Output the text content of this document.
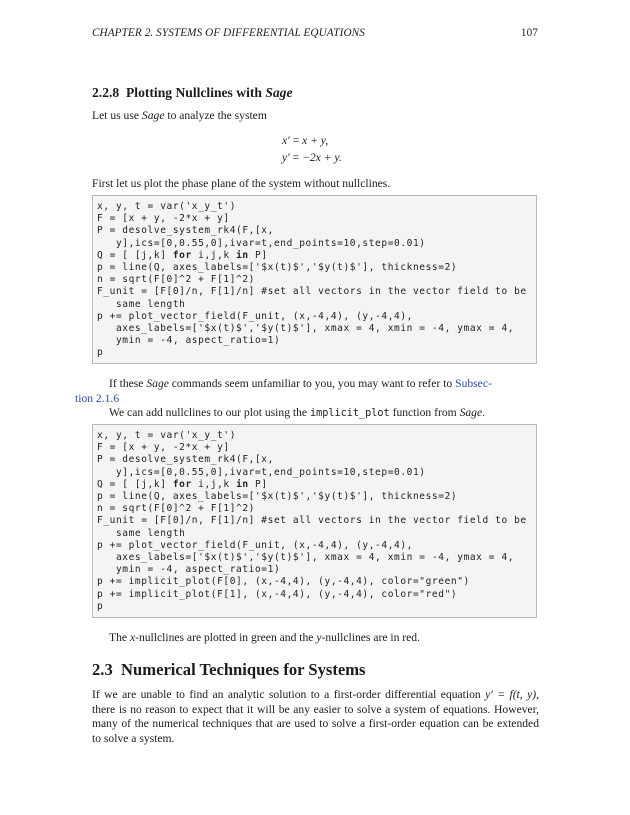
CHAPTER 2. SYSTEMS OF DIFFERENTIAL EQUATIONS	107
2.2.8 Plotting Nullclines with Sage
Let us use Sage to analyze the system
x′ = x + y,
y′ = −2x + y.
First let us plot the phase plane of the system without nullclines.
x, y, t = var('x_y_t')
F = [x + y, -2*x + y]
P = desolve_system_rk4(F,[x,
y],ics=[0,0.55,0],ivar=t,end_points=10,step=0.01)
Q = [ [j,k] for i,j,k in P]
p = line(Q, axes_labels=['$x(t)$','$y(t)$'], thickness=2)
n = sqrt(F[0]^2 + F[1]^2)
F_unit = [F[0]/n, F[1]/n] #set all vectors in the vector field to be
same length
p += plot_vector_field(F_unit, (x,-4,4), (y,-4,4),
axes_labels=['$x(t)$','$y(t)$'], xmax = 4, xmin = -4, ymax = 4,
ymin = -4, aspect_ratio=1)
p
If these Sage commands seem unfamiliar to you, you may want to refer to Subsec-
tion 2.1.6
We can add nullclines to our plot using the implicit_plot function from Sage.
x, y, t = var('x_y_t')
F = [x + y, -2*x + y]
P = desolve_system_rk4(F,[x,
y],ics=[0,0.55,0],ivar=t,end_points=10,step=0.01)
Q = [ [j,k] for i,j,k in P]
p = line(Q, axes_labels=['$x(t)$','$y(t)$'], thickness=2)
n = sqrt(F[0]^2 + F[1]^2)
F_unit = [F[0]/n, F[1]/n] #set all vectors in the vector field to be
same length
p += plot_vector_field(F_unit, (x,-4,4), (y,-4,4),
axes_labels=['$x(t)$','$y(t)$'], xmax = 4, xmin = -4, ymax = 4,
ymin = -4, aspect_ratio=1)
p += implicit_plot(F[0], (x,-4,4), (y,-4,4), color="green")
p += implicit_plot(F[1], (x,-4,4), (y,-4,4), color="red")
p
The x-nullclines are plotted in green and the y-nullclines are in red.
2.3 Numerical Techniques for Systems
If we are unable to find an analytic solution to a first-order differential equation y′ = f(t, y), there is no reason to expect that it will be any easier to solve a system of equations. However, many of the numerical techniques that are used to solve a first-order equation can be extended to solve a system.
